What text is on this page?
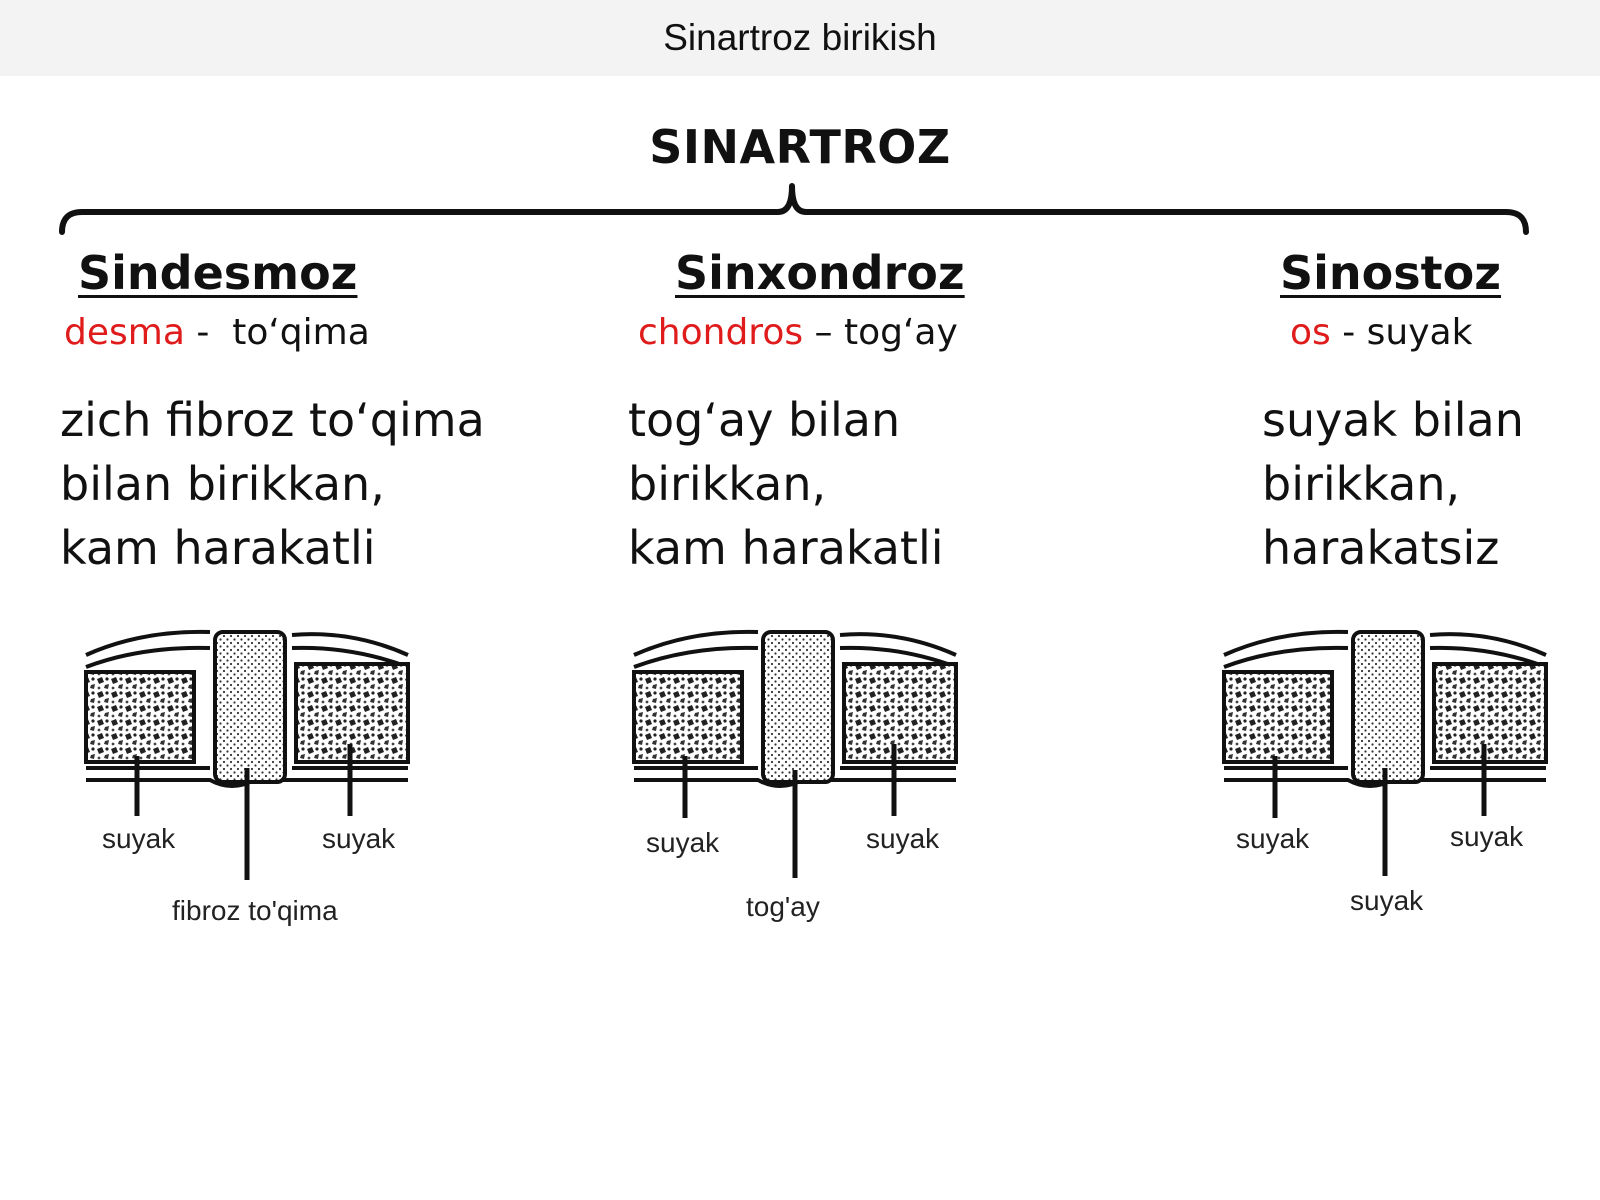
Sinartroz birikish
SINARTROZ
Sindesmoz
desma -  to‘qima
zich fibroz to‘qima
bilan birikkan,
kam harakatli
Sinxondroz
chondros – tog‘ay
tog‘ay bilan
birikkan,
kam harakatli
Sinostoz
os - suyak
suyak bilan
birikkan,
harakatsiz
suyak	suyak
fibroz to'qima
suyak	suyak
tog'ay
suyak	suyak
suyak
